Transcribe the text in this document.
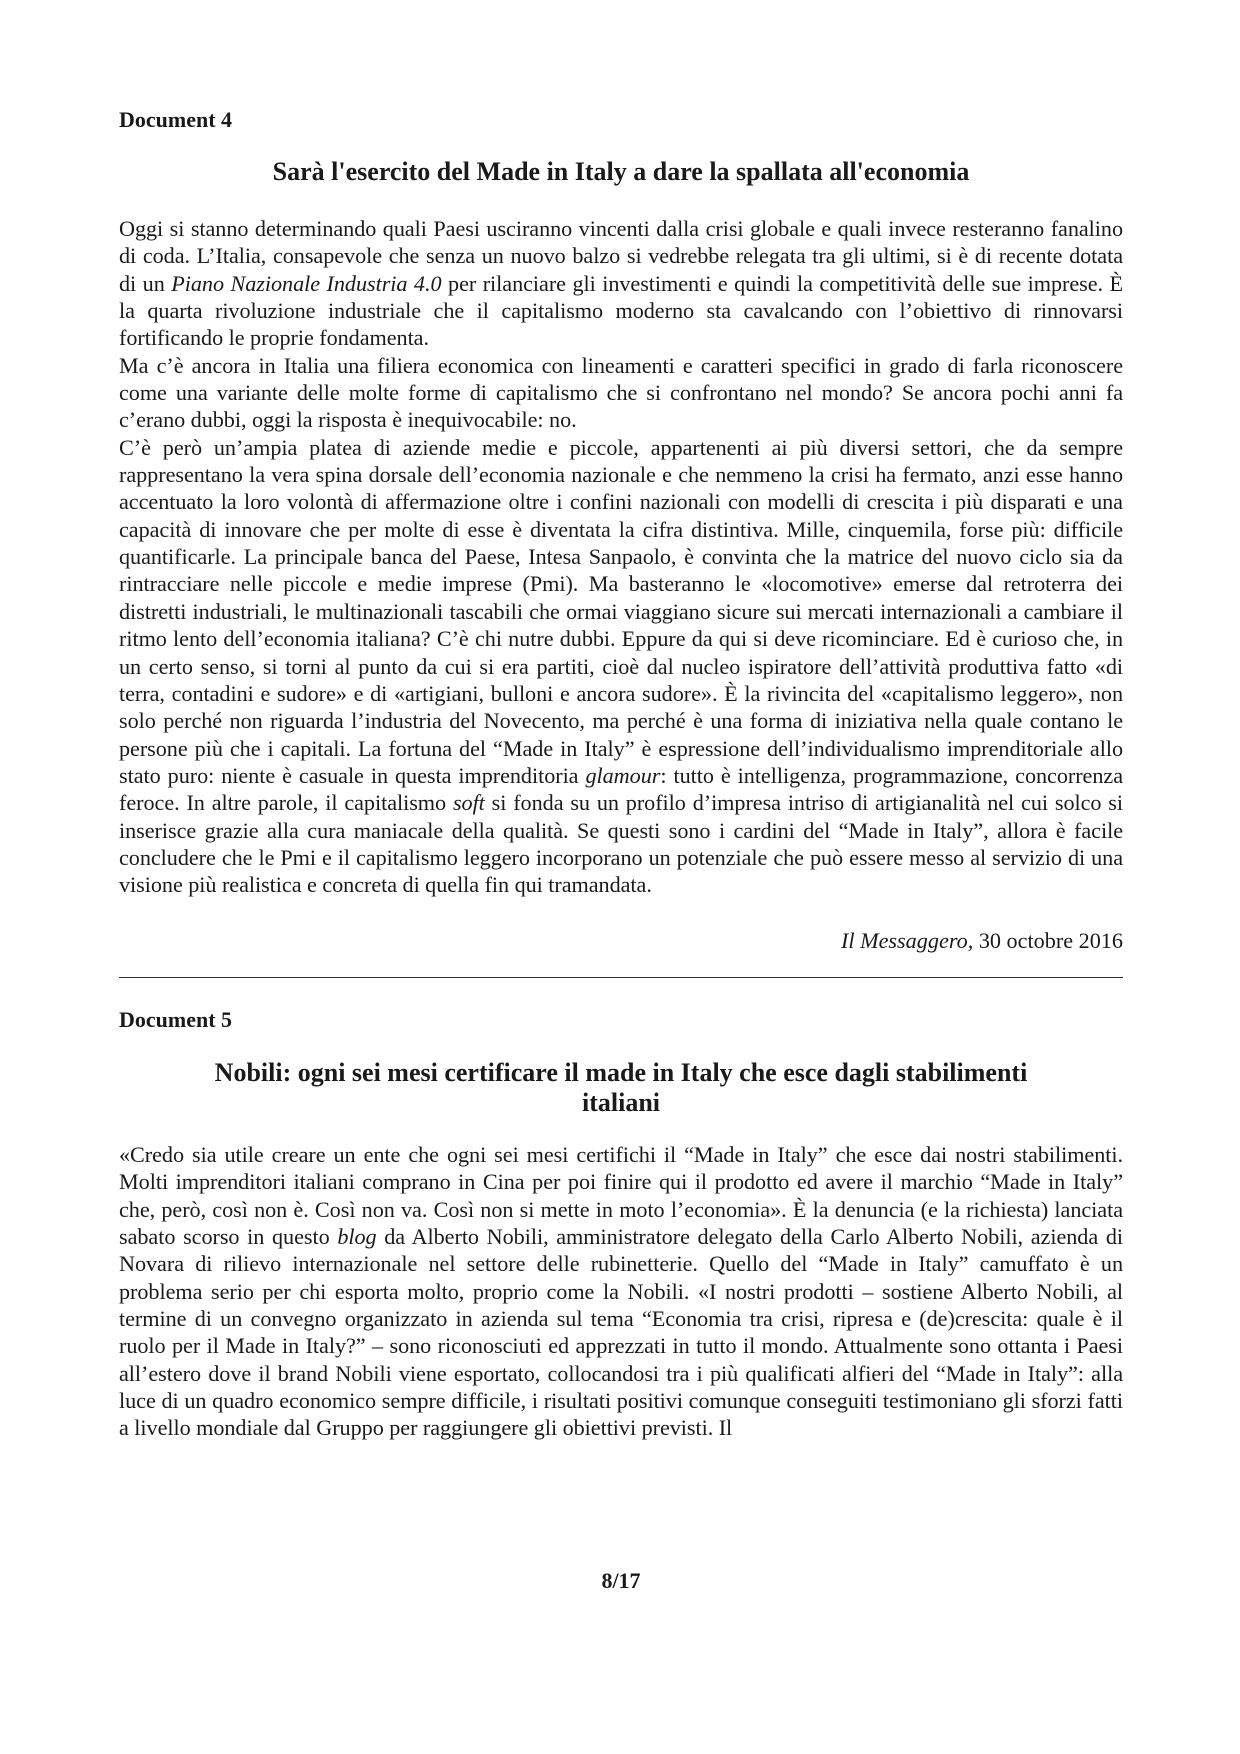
Document 4
Sarà l'esercito del Made in Italy a dare la spallata all'economia

Oggi si stanno determinando quali Paesi usciranno vincenti dalla crisi globale e quali invece resteranno fanalino di coda. L’Italia, consapevole che senza un nuovo balzo si vedrebbe relegata tra gli ultimi, si è di recente dotata di un Piano Nazionale Industria 4.0 per rilanciare gli investimenti e quindi la competitività delle sue imprese. È la quarta rivoluzione industriale che il capitalismo moderno sta cavalcando con l’obiettivo di rinnovarsi fortificando le proprie fondamenta.

Ma c’è ancora in Italia una filiera economica con lineamenti e caratteri specifici in grado di farla riconoscere come una variante delle molte forme di capitalismo che si confrontano nel mondo? Se ancora pochi anni fa c’erano dubbi, oggi la risposta è inequivocabile: no.

C’è però un’ampia platea di aziende medie e piccole, appartenenti ai più diversi settori, che da sempre rappresentano la vera spina dorsale dell’economia nazionale e che nemmeno la crisi ha fermato, anzi esse hanno accentuato la loro volontà di affermazione oltre i confini nazionali con modelli di crescita i più disparati e una capacità di innovare che per molte di esse è diventata la cifra distintiva. Mille, cinquemila, forse più: difficile quantificarle. La principale banca del Paese, Intesa Sanpaolo, è convinta che la matrice del nuovo ciclo sia da rintracciare nelle piccole e medie imprese (Pmi). Ma basteranno le «locomotive» emerse dal retroterra dei distretti industriali, le multinazionali tascabili che ormai viaggiano sicure sui mercati internazionali a cambiare il ritmo lento dell’economia italiana? C’è chi nutre dubbi. Eppure da qui si deve ricominciare. Ed è curioso che, in un certo senso, si torni al punto da cui si era partiti, cioè dal nucleo ispiratore dell’attività produttiva fatto «di terra, contadini e sudore» e di «artigiani, bulloni e ancora sudore». È la rivincita del «capitalismo leggero», non solo perché non riguarda l’industria del Novecento, ma perché è una forma di iniziativa nella quale contano le persone più che i capitali. La fortuna del “Made in Italy” è espressione dell’individualismo imprenditoriale allo stato puro: niente è casuale in questa imprenditoria glamour: tutto è intelligenza, programmazione, concorrenza feroce. In altre parole, il capitalismo soft si fonda su un profilo d’impresa intriso di artigianalità nel cui solco si inserisce grazie alla cura maniacale della qualità. Se questi sono i cardini del “Made in Italy”, allora è facile concludere che le Pmi e il capitalismo leggero incorporano un potenziale che può essere messo al servizio di una visione più realistica e concreta di quella fin qui tramandata.

Il Messaggero, 30 octobre 2016

Document 5
Nobili: ogni sei mesi certificare il made in Italy che esce dagli stabilimenti
italiani

«Credo sia utile creare un ente che ogni sei mesi certifichi il “Made in Italy” che esce dai nostri stabilimenti. Molti imprenditori italiani comprano in Cina per poi finire qui il prodotto ed avere il marchio “Made in Italy” che, però, così non è. Così non va. Così non si mette in moto l’economia». È la denuncia (e la richiesta) lanciata sabato scorso in questo blog da Alberto Nobili, amministratore delegato della Carlo Alberto Nobili, azienda di Novara di rilievo internazionale nel settore delle rubinetterie. Quello del “Made in Italy” camuffato è un problema serio per chi esporta molto, proprio come la Nobili. «I nostri prodotti – sostiene Alberto Nobili, al termine di un convegno organizzato in azienda sul tema “Economia tra crisi, ripresa e (de)crescita: quale è il ruolo per il Made in Italy?” – sono riconosciuti ed apprezzati in tutto il mondo. Attualmente sono ottanta i Paesi all’estero dove il brand Nobili viene esportato, collocandosi tra i più qualificati alfieri del “Made in Italy”: alla luce di un quadro economico sempre difficile, i risultati positivi comunque conseguiti testimoniano gli sforzi fatti a livello mondiale dal Gruppo per raggiungere gli obiettivi previsti. Il

8/17
